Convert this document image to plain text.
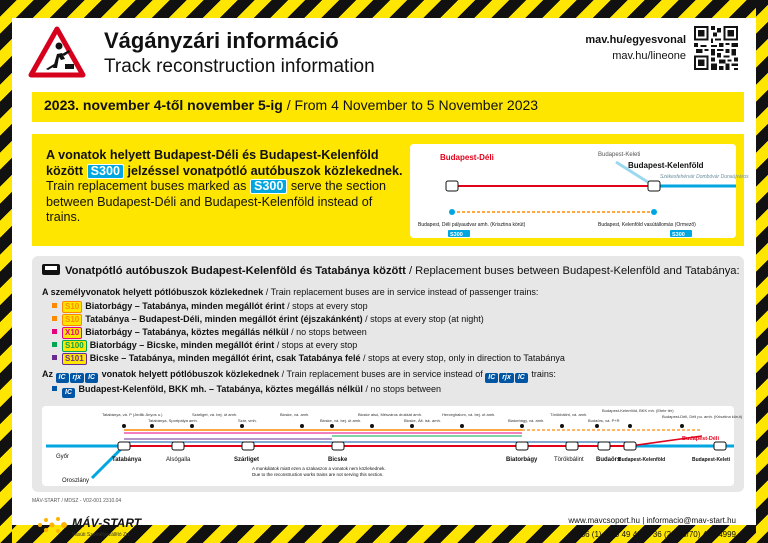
Vágányzári információ
Track reconstruction information
mav.hu/egyesvonal
mav.hu/lineone
2023. november 4-től november 5-ig / From 4 November to 5 November 2023
A vonatok helyett Budapest-Déli és Budapest-Kelenföld között S300 jelzéssel vonatpótló autóbuszok közlekednek.
Train replacement buses marked as S300 serve the section between Budapest-Déli and Budapest-Kelenföld instead of trains.
Budapest-Déli	Budapest-Keleti
Budapest-Kelenföld
Székesfehérvár Dombóvár Dunaújváros
Budapest, Déli pályaudvar amh. (Krisztina körút)	Budapest, Kelenföld vasútállomás (Ormezõ)
S300	S300
Vonatpótló autóbuszok Budapest-Kelenföld és Tatabánya között / Replacement buses between Budapest-Kelenföld and Tatabánya:
A személyvonatok helyett pótlóbuszok közlekednek / Train replacement buses are in service instead of passenger trains:
S10 Biatorbágy – Tatabánya, minden megállót érint / stops at every stop
S10 Tatabánya – Budapest-Déli, minden megállót érint (éjszakánként) / stops at every stop (at night)
X10 Biatorbágy – Tatabánya, köztes megállás nélkül / no stops between
S100 Biatorbágy – Bicske, minden megállót érint / stops at every stop
S101 Bicske – Tatabánya, minden megállót érint, csak Tatabánya felé / stops at every stop, only in direction to Tatabánya
Az IC rjx IC vonatok helyett pótlóbuszok közlekednek / Train replacement buses are in service instead of IC rjx IC trains:
IC Budapest-Kelenföld, BKK mh. – Tatabánya, köztes megállás nélkül / no stops between
Tatabánya	Alsógalla	Szárliget	Bicske	Biatorbágy	Törökbálint Budaörs
Budapest-Kelenföld	Budapest-Keleti
Budapest-Déli
Győr
Oroszlány
A munkálatok miatt ezen a szakaszon a vonatok nem közlekednek.
Due to the reconstruction works trains are not serving this section.
Tatabánya, vá. P (Jedlik Ányos u.)
Tatabánya, Sportpálya amh.
Szárliget, vá. bej. út amh.
Szár, vmh.
Bicske, vá. amh.
Bicske, vá. bej. út amh.
Bicske alsó, Mészáros drukkát amh.
Bicske, Ált. isk. amh.
Herceghalom, vá. bej. út amh.
Biatorbágy, vá. amh.
Törökbálint, vá. amh.
Budaörs, vá. P+R
Budapest-Kelenföld, BKK mh. (Etele tér)
Budapest-Déli, Déli pu. amh. (Krisztina körút)
MÁV-START / MDSZ - V02-001 2310.04
MÁV-START
Vasúti Személyszállító Zrt.
www.mavcsoport.hu | informacio@mav-start.hu
+36 (1) 3 49 49 49 | +36 (20/30/70) 499 4999
